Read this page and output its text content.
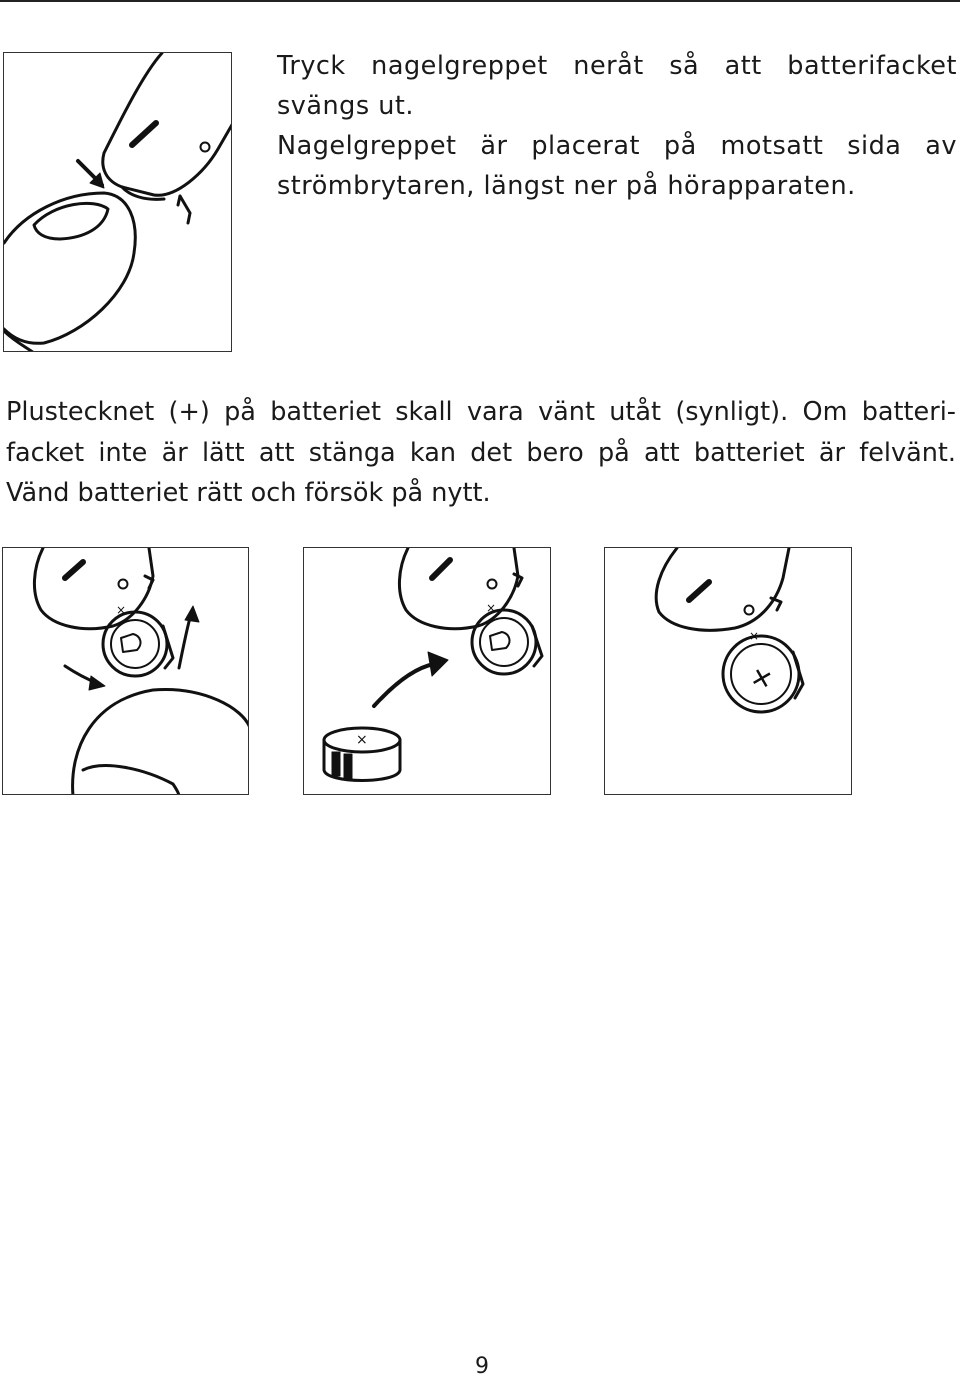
Tryck nagelgreppet neråt så att batterifacket
svängs ut.
Nagelgreppet är placerat på motsatt sida av
strömbrytaren, längst ner på hörapparaten.

Plustecknet (+) på batteriet skall vara vänt utåt (synligt). Om batteri-
facket inte är lätt att stänga kan det bero på att batteriet är felvänt.
Vänd batteriet rätt och försök på nytt.

×	×
×
×
+
9
